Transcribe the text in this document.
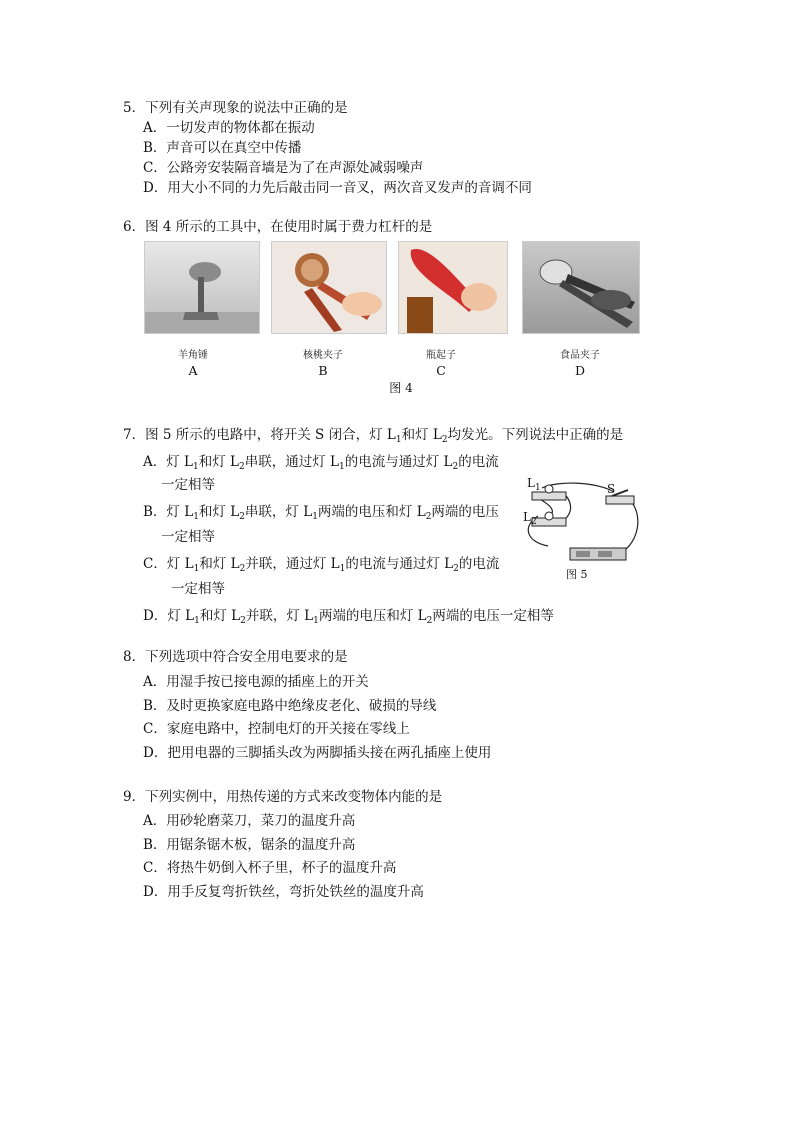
5．下列有关声现象的说法中正确的是
A．一切发声的物体都在振动
B．声音可以在真空中传播
C．公路旁安装隔音墙是为了在声源处减弱噪声
D．用大小不同的力先后敲击同一音叉，两次音叉发声的音调不同
6．图 4 所示的工具中，在使用时属于费力杠杆的是
羊角锤	核桃夹子	瓶起子	食品夹子
A	B	C	D
图 4
7．图 5 所示的电路中，将开关 S 闭合，灯 $L_1$和灯 $L_2$均发光。下列说法中正确的是
A．灯 $L_1$和灯 $L_2$串联，通过灯 $L_1$的电流与通过灯 $L_2$的电流
一定相等
B．灯 $L_1$和灯 $L_2$串联，灯 $L_1$两端的电压和灯 $L_2$两端的电压
一定相等
C．灯 $L_1$和灯 $L_2$并联，通过灯 $L_1$的电流与通过灯 $L_2$的电流
一定相等
D．灯 $L_1$和灯 $L_2$并联，灯 $L_1$两端的电压和灯 $L_2$两端的电压一定相等
$L_1$
$L_2$
S
图 5
8．下列选项中符合安全用电要求的是
A．用湿手按已接电源的插座上的开关
B．及时更换家庭电路中绝缘皮老化、破损的导线
C．家庭电路中，控制电灯的开关接在零线上
D．把用电器的三脚插头改为两脚插头接在两孔插座上使用
9．下列实例中，用热传递的方式来改变物体内能的是
A．用砂轮磨菜刀，菜刀的温度升高
B．用锯条锯木板，锯条的温度升高
C．将热牛奶倒入杯子里，杯子的温度升高
D．用手反复弯折铁丝，弯折处铁丝的温度升高
